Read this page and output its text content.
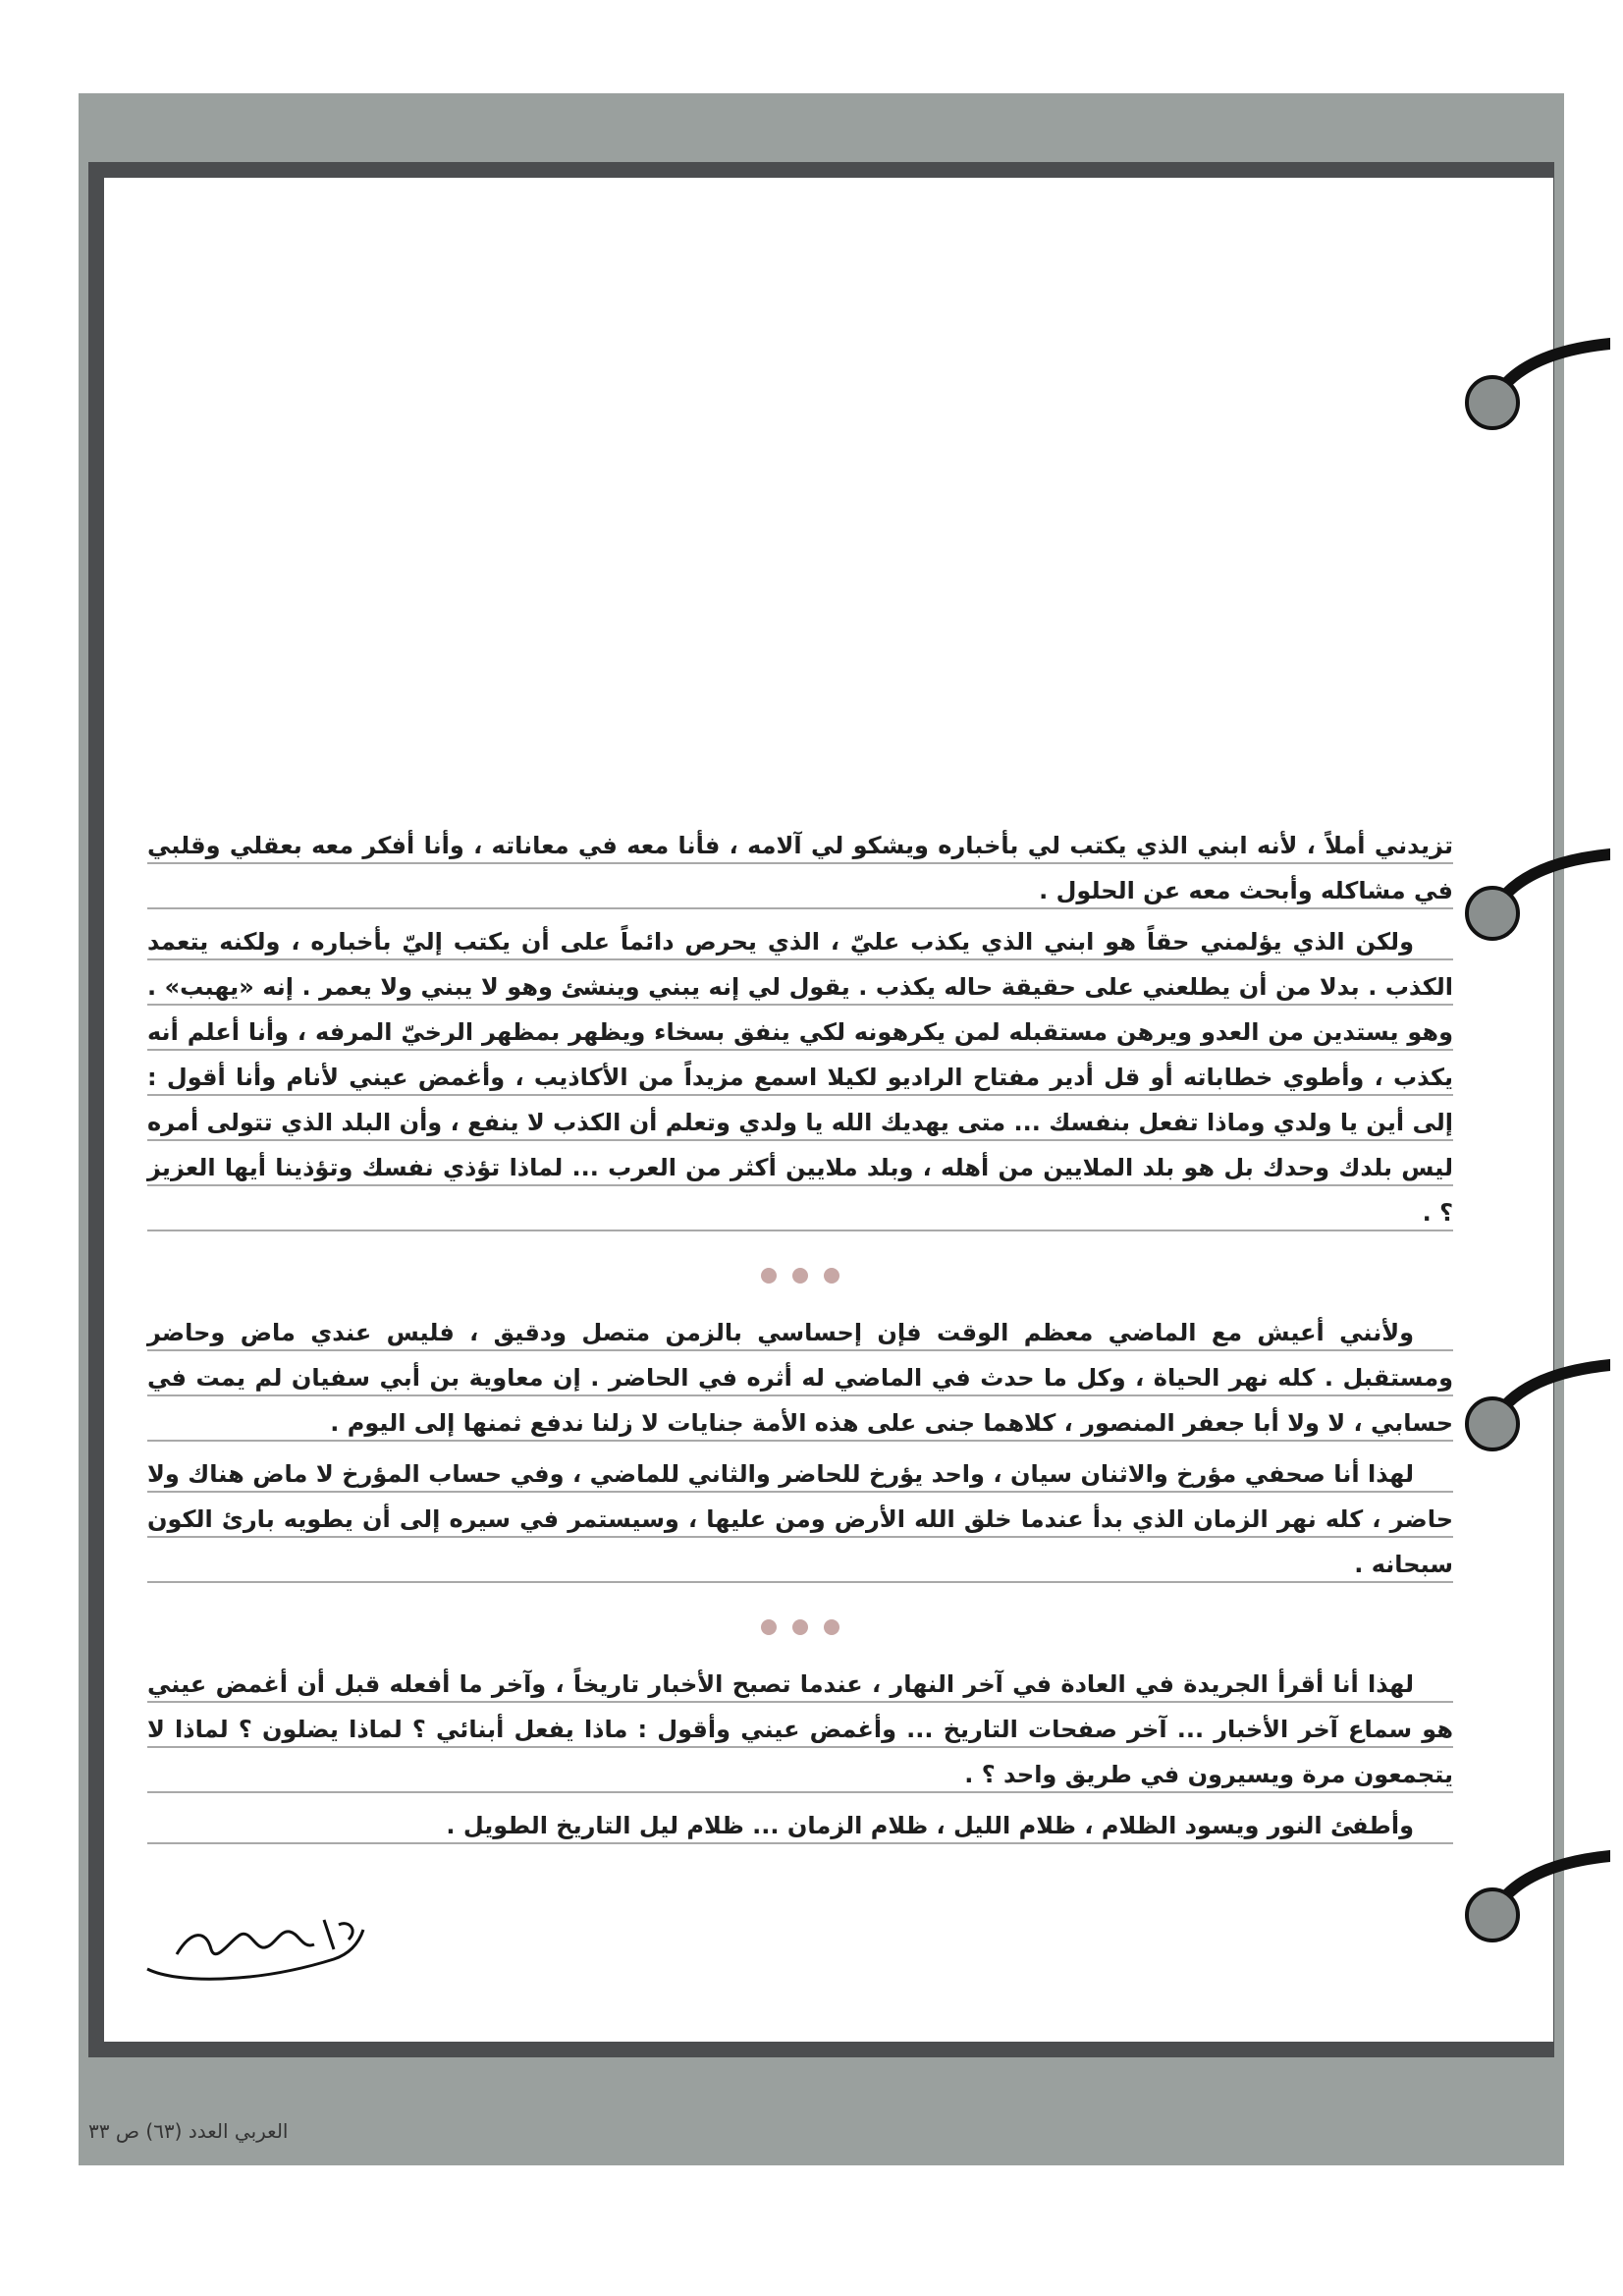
تزيدني أملاً ، لأنه ابني الذي يكتب لي بأخباره ويشكو لي آلامه ، فأنا معه في معاناته ، وأنا أفكر معه بعقلي وقلبي في مشاكله وأبحث معه عن الحلول .

ولكن الذي يؤلمني حقاً هو ابني الذي يكذب عليّ ، الذي يحرص دائماً على أن يكتب إليّ بأخباره ، ولكنه يتعمد الكذب . بدلا من أن يطلعني على حقيقة حاله يكذب . يقول لي إنه يبني وينشئ وهو لا يبني ولا يعمر . إنه «يهبب» . وهو يستدين من العدو ويرهن مستقبله لمن يكرهونه لكي ينفق بسخاء ويظهر بمظهر الرخيّ المرفه ، وأنا أعلم أنه يكذب ، وأطوي خطاباته أو قل أدير مفتاح الراديو لكيلا اسمع مزيداً من الأكاذيب ، وأغمض عيني لأنام وأنا أقول : إلى أين يا ولدي وماذا تفعل بنفسك ... متى يهديك الله يا ولدي وتعلم أن الكذب لا ينفع ، وأن البلد الذي تتولى أمره ليس بلدك وحدك بل هو بلد الملايين من أهله ، وبلد ملايين أكثر من العرب ... لماذا تؤذي نفسك وتؤذينا أيها العزيز ؟ .

ولأنني أعيش مع الماضي معظم الوقت فإن إحساسي بالزمن متصل ودقيق ، فليس عندي ماض وحاضر ومستقبل . كله نهر الحياة ، وكل ما حدث في الماضي له أثره في الحاضر . إن معاوية بن أبي سفيان لم يمت في حسابي ، لا ولا أبا جعفر المنصور ، كلاهما جنى على هذه الأمة جنايات لا زلنا ندفع ثمنها إلى اليوم .

لهذا أنا صحفي مؤرخ والاثنان سيان ، واحد يؤرخ للحاضر والثاني للماضي ، وفي حساب المؤرخ لا ماض هناك ولا حاضر ، كله نهر الزمان الذي بدأ عندما خلق الله الأرض ومن عليها ، وسيستمر في سيره إلى أن يطويه بارئ الكون سبحانه .

لهذا أنا أقرأ الجريدة في العادة في آخر النهار ، عندما تصبح الأخبار تاريخاً ، وآخر ما أفعله قبل أن أغمض عيني هو سماع آخر الأخبار ... آخر صفحات التاريخ ... وأغمض عيني وأقول : ماذا يفعل أبنائي ؟ لماذا يضلون ؟ لماذا لا يتجمعون مرة ويسيرون في طريق واحد ؟ .

وأطفئ النور ويسود الظلام ، ظلام الليل ، ظلام الزمان ... ظلام ليل التاريخ الطويل .

العربي العدد (٦٣) ص ٣٣
